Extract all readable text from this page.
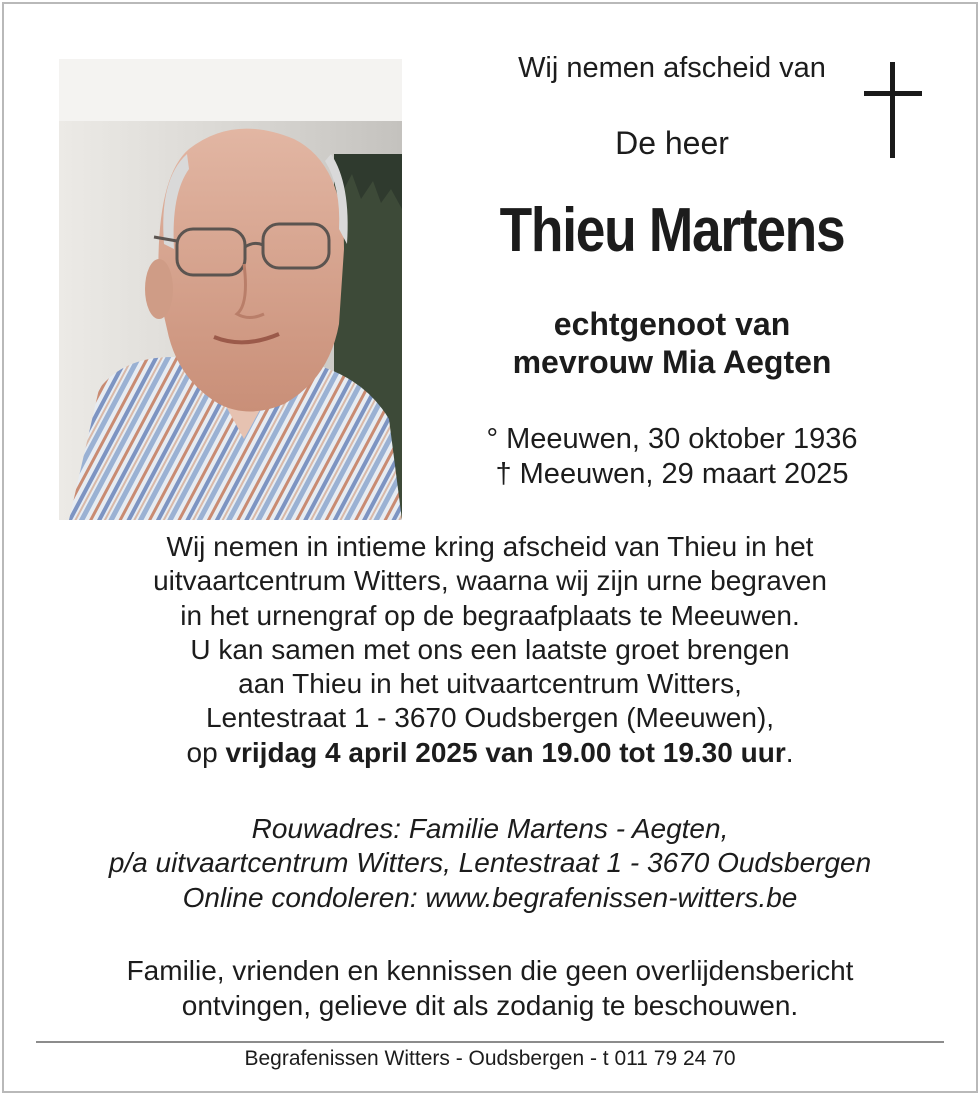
Wij nemen afscheid van
De heer
Thieu Martens
echtgenoot van
mevrouw Mia Aegten
° Meeuwen, 30 oktober 1936
† Meeuwen, 29 maart 2025
Wij nemen in intieme kring afscheid van Thieu in het
uitvaartcentrum Witters, waarna wij zijn urne begraven
in het urnengraf op de begraafplaats te Meeuwen.
U kan samen met ons een laatste groet brengen
aan Thieu in het uitvaartcentrum Witters,
Lentestraat 1 - 3670 Oudsbergen (Meeuwen),
op vrijdag 4 april 2025 van 19.00 tot 19.30 uur.
Rouwadres: Familie Martens - Aegten,
p/a uitvaartcentrum Witters, Lentestraat 1 - 3670 Oudsbergen
Online condoleren: www.begrafenissen-witters.be
Familie, vrienden en kennissen die geen overlijdensbericht
ontvingen, gelieve dit als zodanig te beschouwen.
Begrafenissen Witters - Oudsbergen - t 011 79 24 70
